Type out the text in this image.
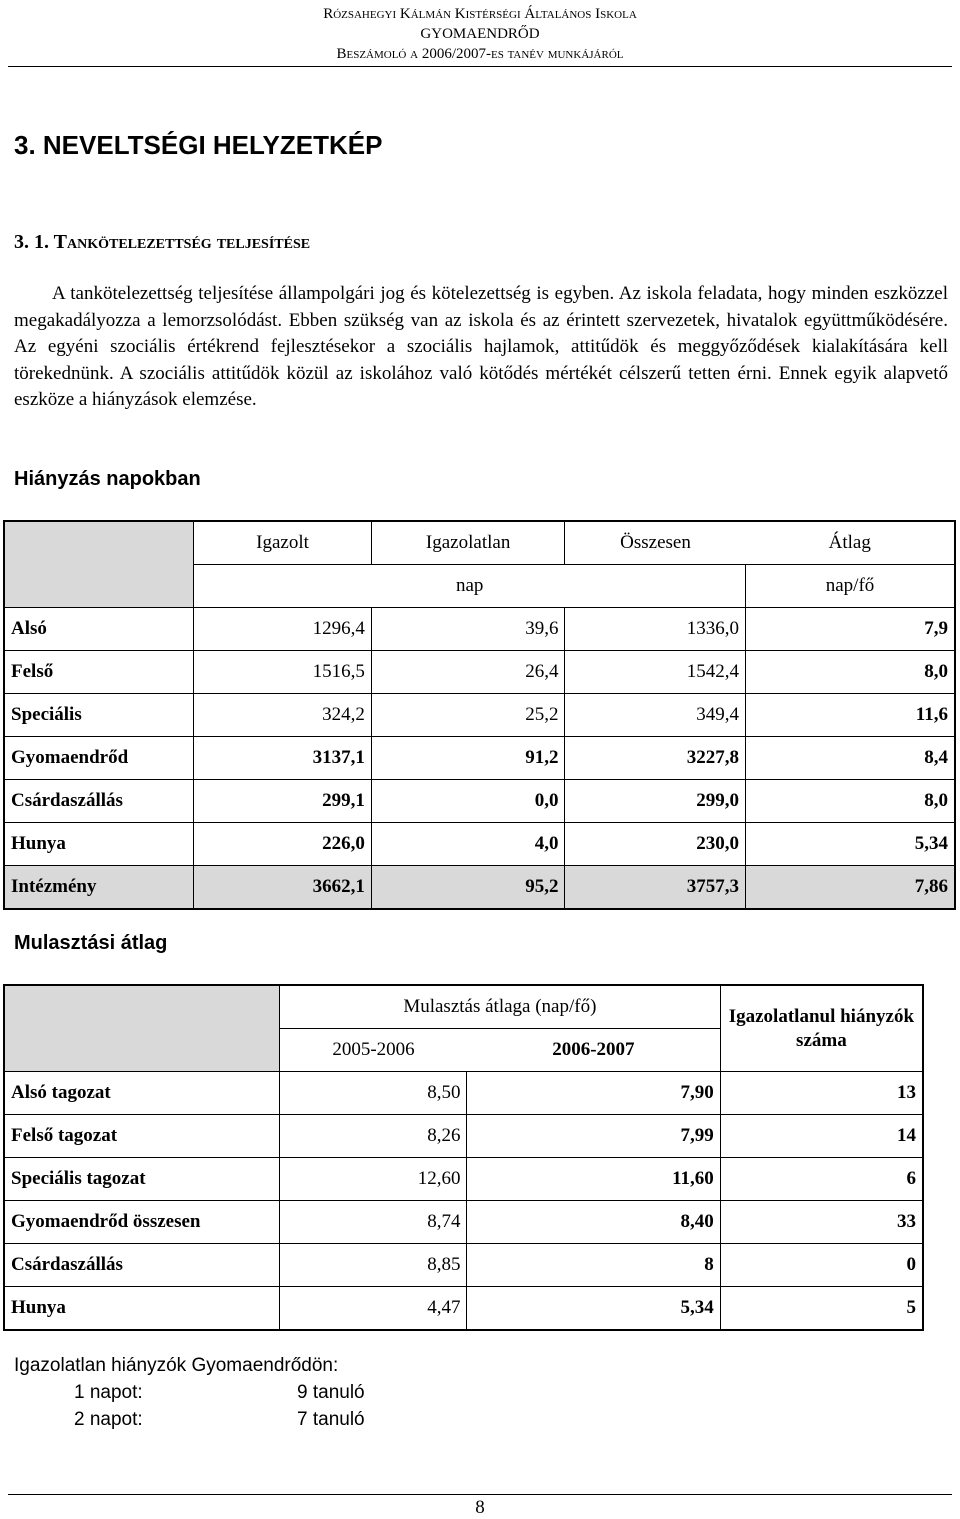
Rózsahegyi Kálmán Kistérségi Általános Iskola
GYOMAENDRŐD
Beszámoló a 2006/2007-es tanév munkájáról
3. NEVELTSÉGI HELYZETKÉP
3. 1. Tankötelezettség teljesítése
A tankötelezettség teljesítése állampolgári jog és kötelezettség is egyben. Az iskola feladata, hogy minden eszközzel megakadályozza a lemorzsolódást. Ebben szükség van az iskola és az érintett szervezetek, hivatalok együttműködésére. Az egyéni szociális értékrend fejlesztésekor a szociális hajlamok, attitűdök és meggyőződések kialakítására kell törekednünk. A szociális attitűdök közül az iskolához való kötődés mértékét célszerű tetten érni. Ennek egyik alapvető eszköze a hiányzások elemzése.
Hiányzás napokban
	Igazolt	Igazolatlan	Összesen	Átlag
	nap			nap/fő
Alsó	1296,4	39,6	1336,0	7,9
Felső	1516,5	26,4	1542,4	8,0
Speciális	324,2	25,2	349,4	11,6
Gyomaendrőd	3137,1	91,2	3227,8	8,4
Csárdaszállás	299,1	0,0	299,0	8,0
Hunya	226,0	4,0	230,0	5,34
Intézmény	3662,1	95,2	3757,3	7,86
Mulasztási átlag
	Mulasztás átlaga (nap/fő)		Igazolatlanul hiányzók száma
	2005-2006	2006-2007	
Alsó tagozat	8,50	7,90	13
Felső tagozat	8,26	7,99	14
Speciális tagozat	12,60	11,60	6
Gyomaendrőd összesen	8,74	8,40	33
Csárdaszállás	8,85	8	0
Hunya	4,47	5,34	5
Igazolatlan hiányzók Gyomaendrődön:
1 napot:	9 tanuló
2 napot:	7 tanuló
8
